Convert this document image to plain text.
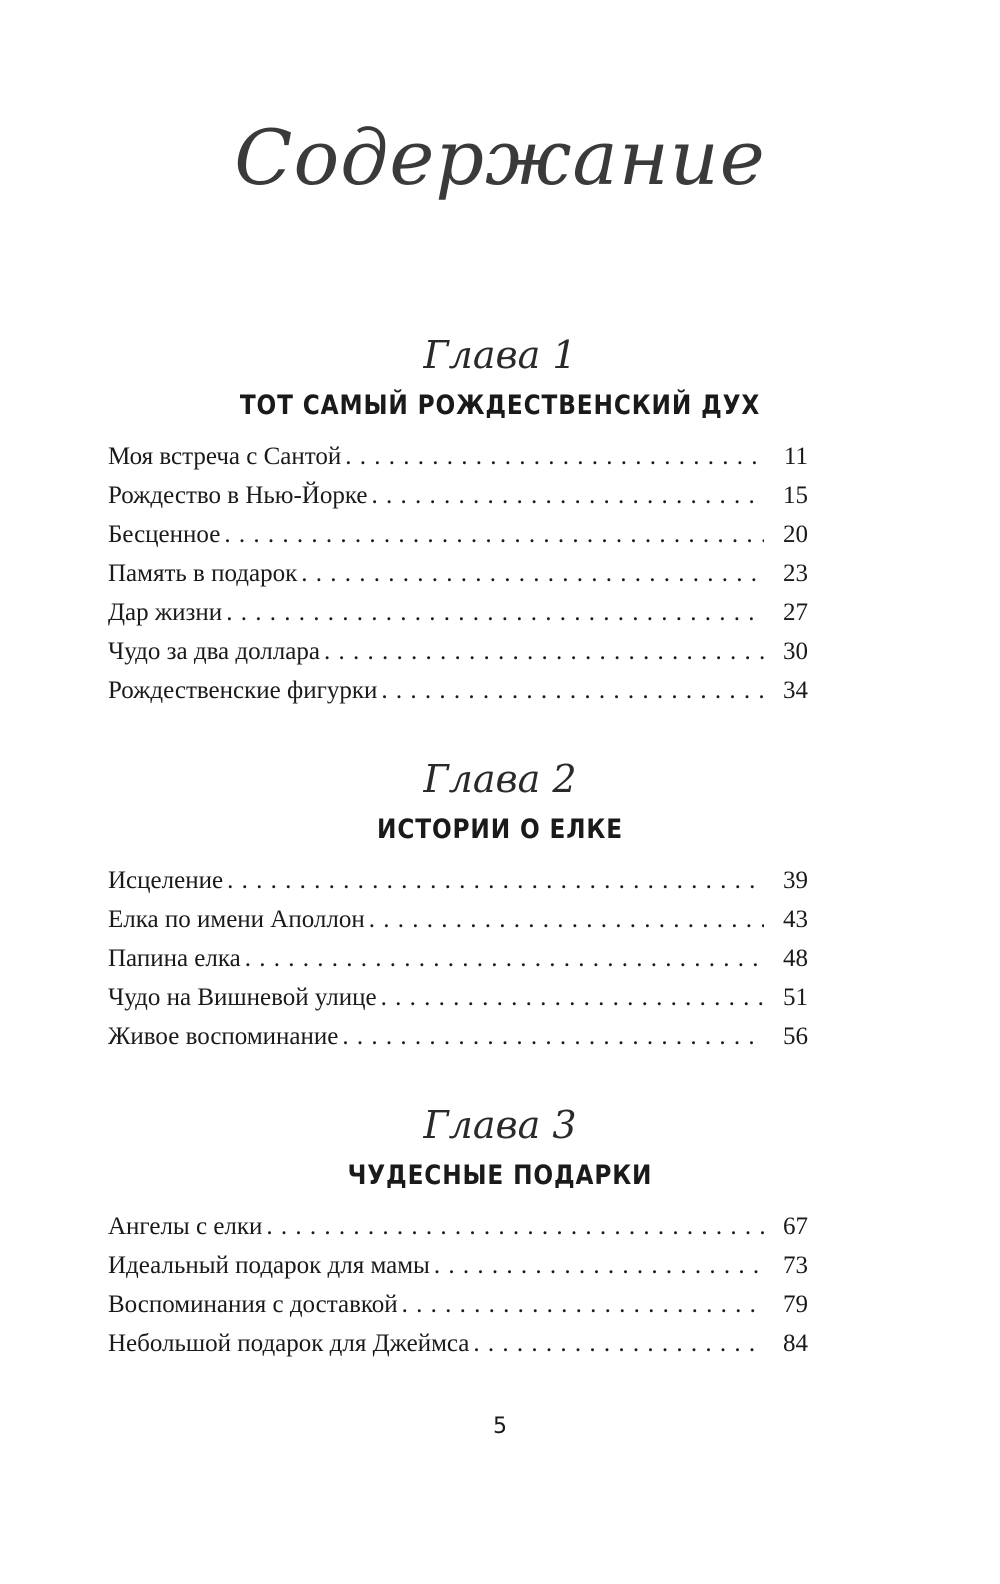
Содержание
Глава 1
ТОТ САМЫЙ РОЖДЕСТВЕНСКИЙ ДУХ
Моя встреча с Сантой . . .	11
Рождество в Нью-Йорке . . .	15
Бесценное . . .	20
Память в подарок . . .	23
Дар жизни . . .	27
Чудо за два доллара . . .	30
Рождественские фигурки . . .	34
Глава 2
ИСТОРИИ О ЕЛКЕ
Исцеление . . .	39
Елка по имени Аполлон . . .	43
Папина елка . . .	48
Чудо на Вишневой улице . . .	51
Живое воспоминание . . .	56
Глава 3
ЧУДЕСНЫЕ ПОДАРКИ
Ангелы с елки . . .	67
Идеальный подарок для мамы . . .	73
Воспоминания с доставкой . . .	79
Небольшой подарок для Джеймса . . .	84
5
